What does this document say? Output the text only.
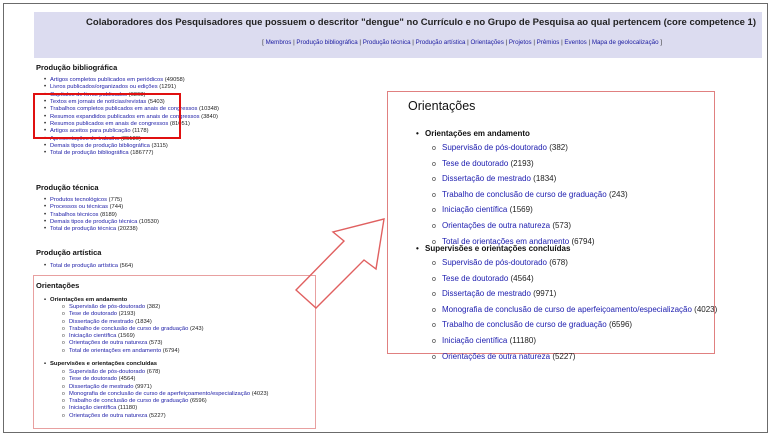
Colaboradores dos Pesquisadores que possuem o descritor "dengue" no Currículo e no Grupo de Pesquisa ao qual pertencem (core competence 1)
[ Membros | Produção bibliográfica | Produção técnica | Produção artística | Orientações | Projetos | Prêmios | Eventos | Mapa de geolocalização ]
Produção bibliográfica
• Artigos completos publicados em periódicos (49058)
• Livros publicados/organizados ou edições (1291)
• Capítulos de livros publicados (6363)
• Textos em jornais de notícias/revistas (5403)
• Trabalhos completos publicados em anais de congressos (10348)
• Resumos expandidos publicados em anais de congressos (3840)
• Resumos publicados em anais de congressos (81051)
• Artigos aceitos para publicação (1178)
• Apresentações de trabalho (25130)
• Demais tipos de produção bibliográfica (3115)
• Total de produção bibliográfica (186777)
Produção técnica
• Produtos tecnológicos (775)
• Processos ou técnicas (744)
• Trabalhos técnicos (8189)
• Demais tipos de produção técnica (10530)
• Total de produção técnica (20238)
Produção artística
• Total de produção artística (564)
Orientações
• Orientações em andamento
o Supervisão de pós-doutorado (382)
o Tese de doutorado (2193)
o Dissertação de mestrado (1834)
o Trabalho de conclusão de curso de graduação (243)
o Iniciação científica (1569)
o Orientações de outra natureza (573)
o Total de orientações em andamento (6794)
• Supervisões e orientações concluídas
o Supervisão de pós-doutorado (678)
o Tese de doutorado (4564)
o Dissertação de mestrado (9971)
o Monografia de conclusão de curso de aperfeiçoamento/especialização (4023)
o Trabalho de conclusão de curso de graduação (6596)
o Iniciação científica (11180)
o Orientações de outra natureza (5227)
Orientações
• Orientações em andamento
o Supervisão de pós-doutorado (382)
o Tese de doutorado (2193)
o Dissertação de mestrado (1834)
o Trabalho de conclusão de curso de graduação (243)
o Iniciação científica (1569)
o Orientações de outra natureza (573)
o Total de orientações em andamento (6794)
• Supervisões e orientações concluídas
o Supervisão de pós-doutorado (678)
o Tese de doutorado (4564)
o Dissertação de mestrado (9971)
o Monografia de conclusão de curso de aperfeiçoamento/especialização (4023)
o Trabalho de conclusão de curso de graduação (6596)
o Iniciação científica (11180)
o Orientações de outra natureza (5227)
